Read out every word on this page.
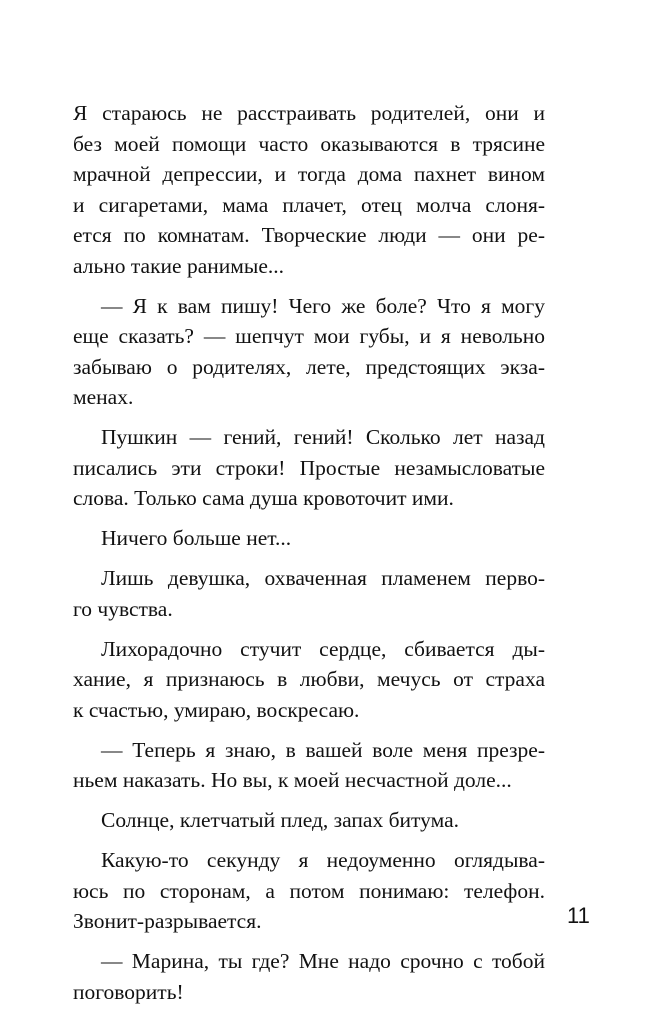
Я стараюсь не расстраивать родителей, они и
без моей помощи часто оказываются в трясине
мрачной депрессии, и тогда дома пахнет вином
и сигаретами, мама плачет, отец молча слоня-
ется по комнатам. Творческие люди — они ре-
ально такие ранимые...
— Я к вам пишу! Чего же боле? Что я могу
еще сказать? — шепчут мои губы, и я невольно
забываю о родителях, лете, предстоящих экза-
менах.
Пушкин — гений, гений! Сколько лет назад
писались эти строки! Простые незамысловатые
слова. Только сама душа кровоточит ими.
Ничего больше нет...
Лишь девушка, охваченная пламенем перво-
го чувства.
Лихорадочно стучит сердце, сбивается ды-
хание, я признаюсь в любви, мечусь от страха
к счастью, умираю, воскресаю.
— Теперь я знаю, в вашей воле меня презре-
ньем наказать. Но вы, к моей несчастной доле...
Солнце, клетчатый плед, запах битума.
Какую-то секунду я недоуменно оглядыва-
юсь по сторонам, а потом понимаю: телефон.
Звонит-разрывается.
— Марина, ты где? Мне надо срочно с тобой
поговорить!
11
